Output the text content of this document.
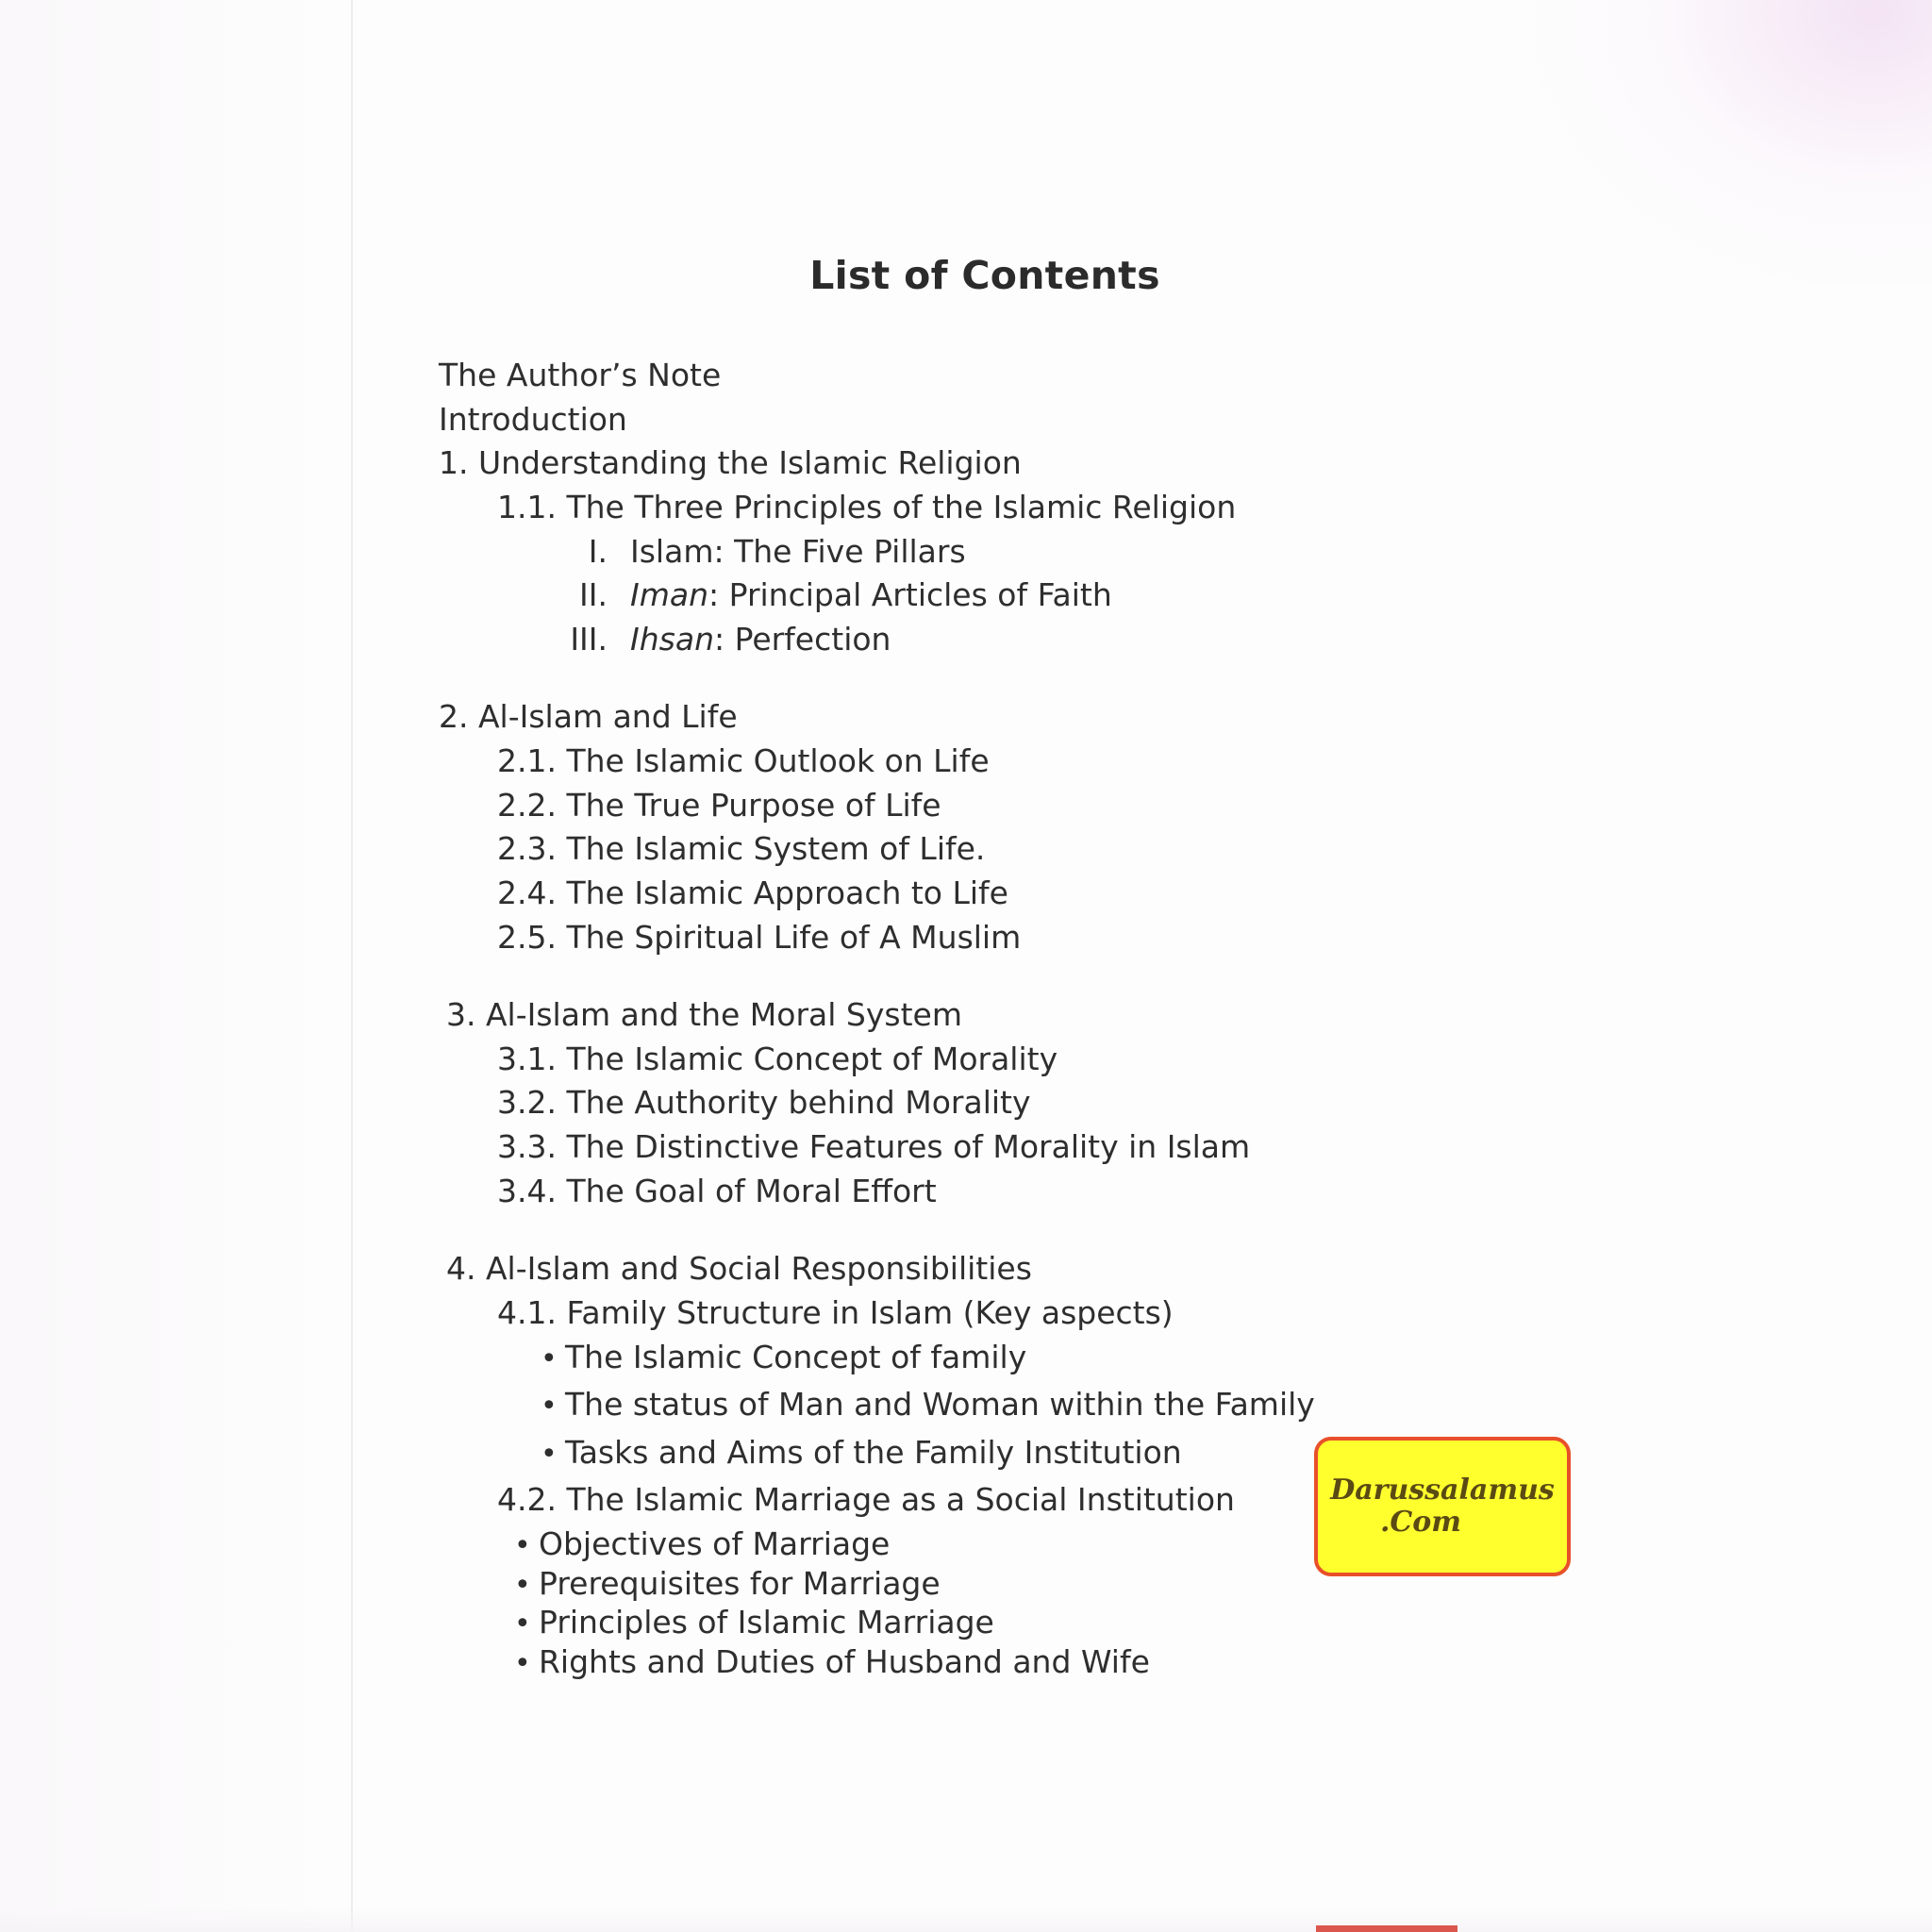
List of Contents
The Author’s Note
Introduction
1. Understanding the Islamic Religion
1.1. The Three Principles of the Islamic Religion
I. Islam: The Five Pillars
II. Iman: Principal Articles of Faith
III. Ihsan: Perfection
2. Al-Islam and Life
2.1. The Islamic Outlook on Life
2.2. The True Purpose of Life
2.3. The Islamic System of Life.
2.4. The Islamic Approach to Life
2.5. The Spiritual Life of A Muslim
3. Al-Islam and the Moral System
3.1. The Islamic Concept of Morality
3.2. The Authority behind Morality
3.3. The Distinctive Features of Morality in Islam
3.4. The Goal of Moral Effort
4. Al-Islam and Social Responsibilities
4.1. Family Structure in Islam (Key aspects)
• The Islamic Concept of family
• The status of Man and Woman within the Family
• Tasks and Aims of the Family Institution
4.2. The Islamic Marriage as a Social Institution
• Objectives of Marriage
• Prerequisites for Marriage
• Principles of Islamic Marriage
• Rights and Duties of Husband and Wife
Darussalamus
.Com
